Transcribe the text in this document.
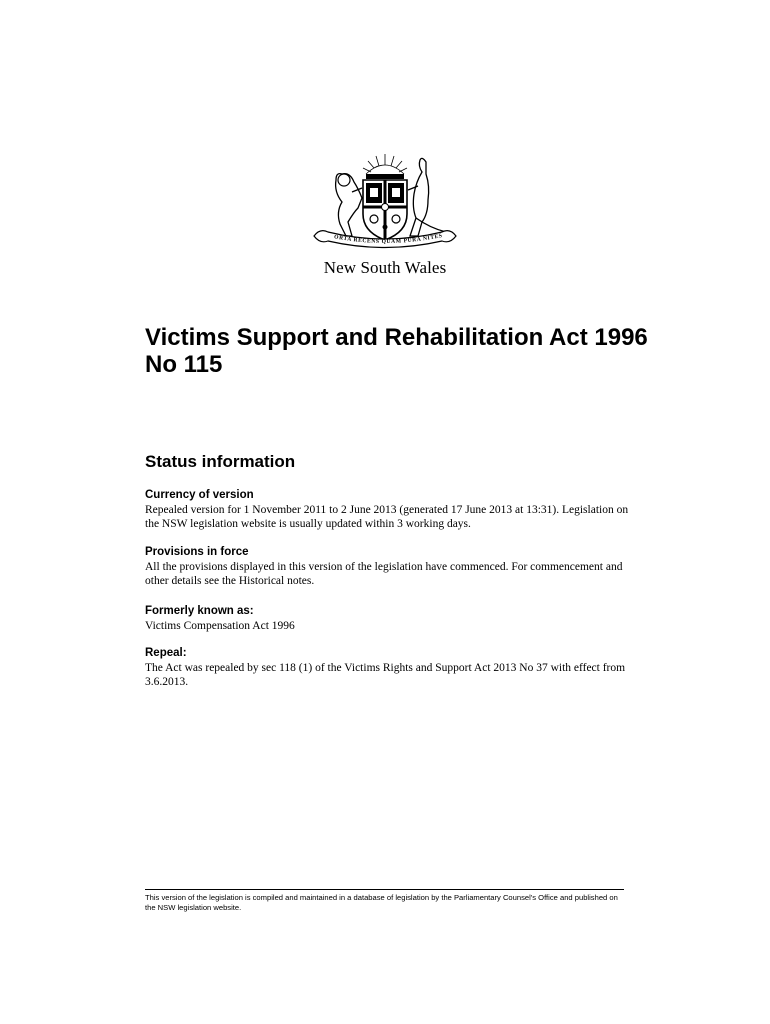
ORTA RECENS QUAM PURA NITES
New South Wales
Victims Support and Rehabilitation Act 1996 No 115
Status information

Currency of version

Repealed version for 1 November 2011 to 2 June 2013 (generated 17 June 2013 at 13:31). Legislation on the NSW legislation website is usually updated within 3 working days.

Provisions in force

All the provisions displayed in this version of the legislation have commenced. For commencement and other details see the Historical notes.

Formerly known as:

Victims Compensation Act 1996

Repeal:

The Act was repealed by sec 118 (1) of the Victims Rights and Support Act 2013 No 37 with effect from 3.6.2013.

This version of the legislation is compiled and maintained in a database of legislation by the Parliamentary Counsel's Office and published on the NSW legislation website.
